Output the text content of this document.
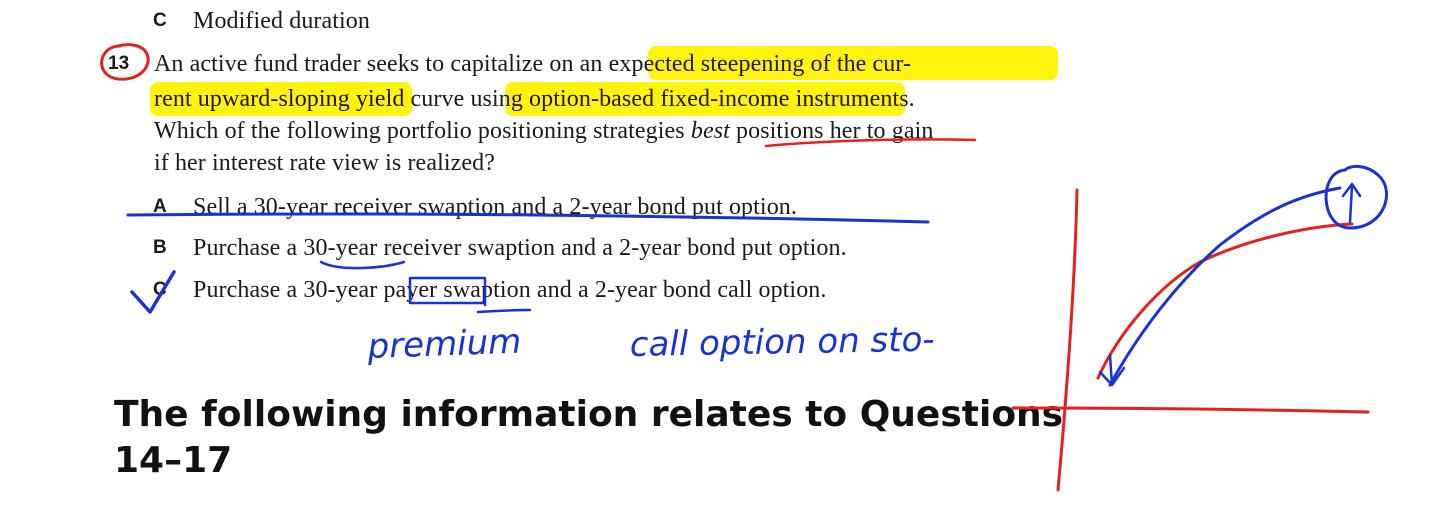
C Modified duration
13 An active fund trader seeks to capitalize on an expected steepening of the cur-
rent upward-sloping yield curve using option-based fixed-income instruments.
Which of the following portfolio positioning strategies best positions her to gain
if her interest rate view is realized?
A Sell a 30-year receiver swaption and a 2-year bond put option.
B Purchase a 30-year receiver swaption and a 2-year bond put option.
C Purchase a 30-year payer swaption and a 2-year bond call option.
The following information relates to Questions
14–17
premium	call option on sto-
